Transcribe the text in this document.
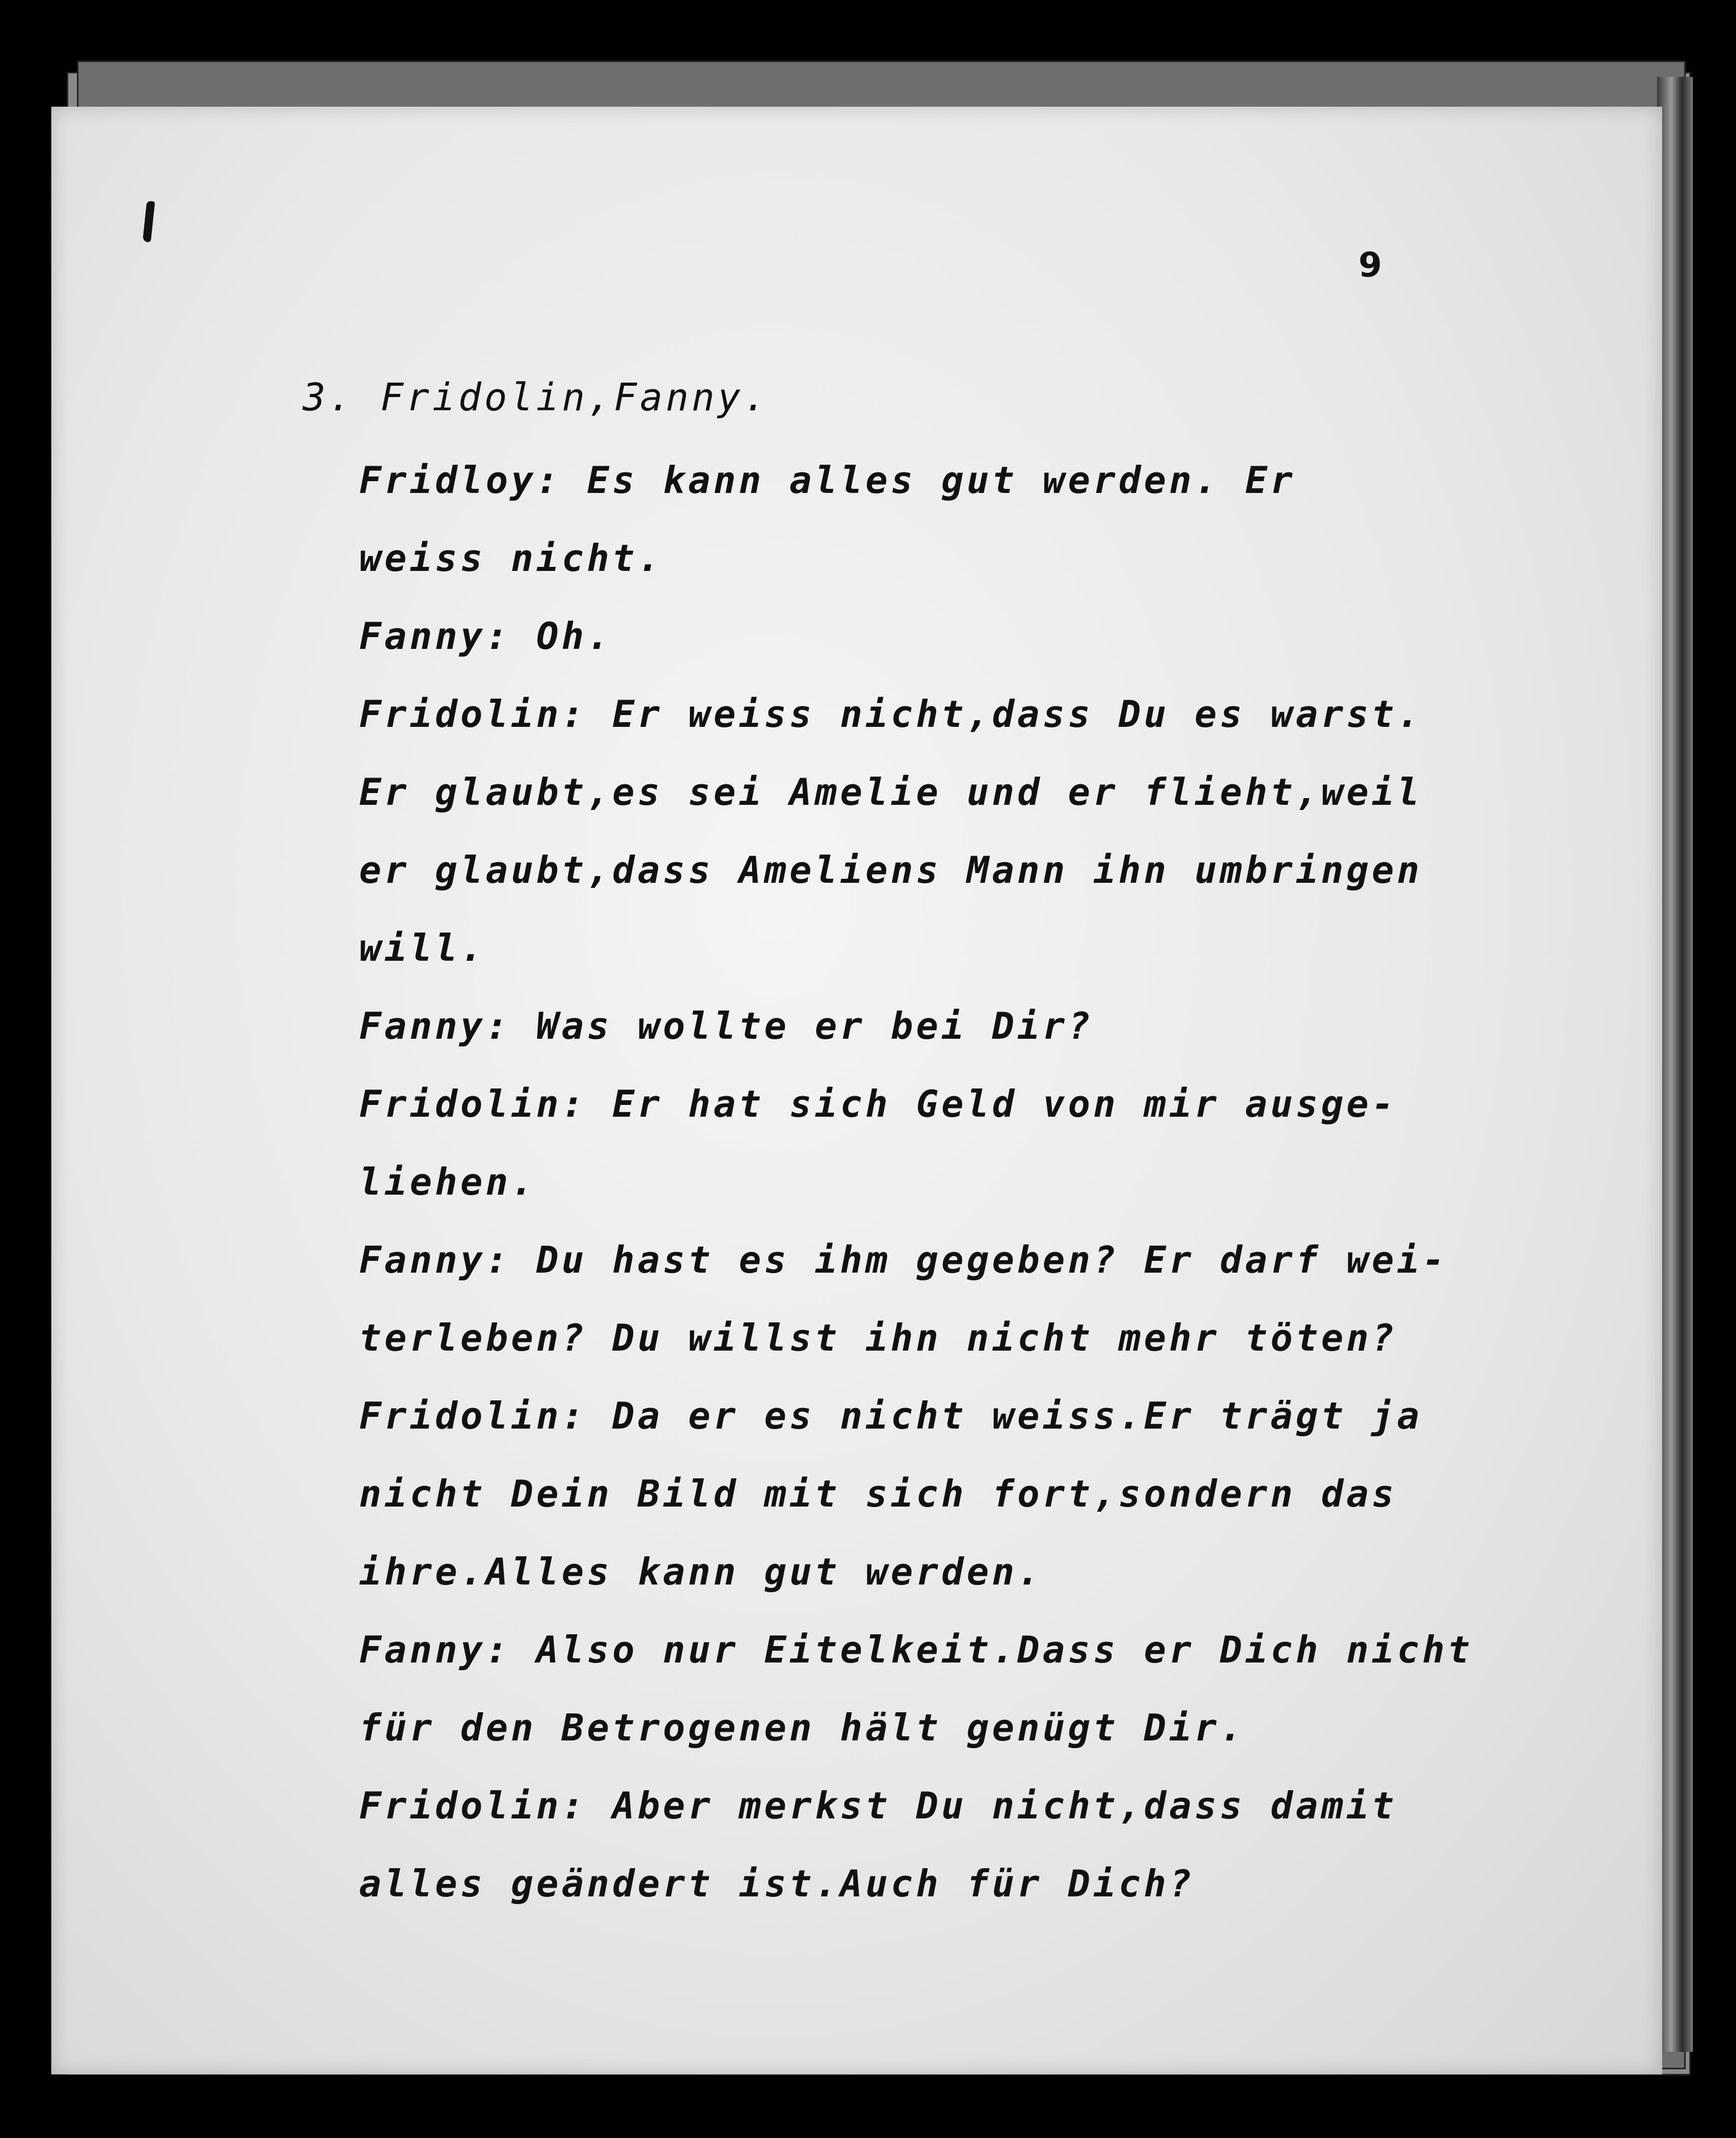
9
3. Fridolin,Fanny.
Fridloy: Es kann alles gut werden. Er
weiss nicht.
Fanny: Oh.
Fridolin: Er weiss nicht,dass Du es warst.
Er glaubt,es sei Amelie und er flieht,weil
er glaubt,dass Ameliens Mann ihn umbringen
will.
Fanny: Was wollte er bei Dir?
Fridolin: Er hat sich Geld von mir ausge-
liehen.
Fanny: Du hast es ihm gegeben? Er darf wei-
terleben? Du willst ihn nicht mehr töten?
Fridolin: Da er es nicht weiss.Er trägt ja
nicht Dein Bild mit sich fort,sondern das
ihre.Alles kann gut werden.
Fanny: Also nur Eitelkeit.Dass er Dich nicht
für den Betrogenen hält genügt Dir.
Fridolin: Aber merkst Du nicht,dass damit
alles geändert ist.Auch für Dich?
